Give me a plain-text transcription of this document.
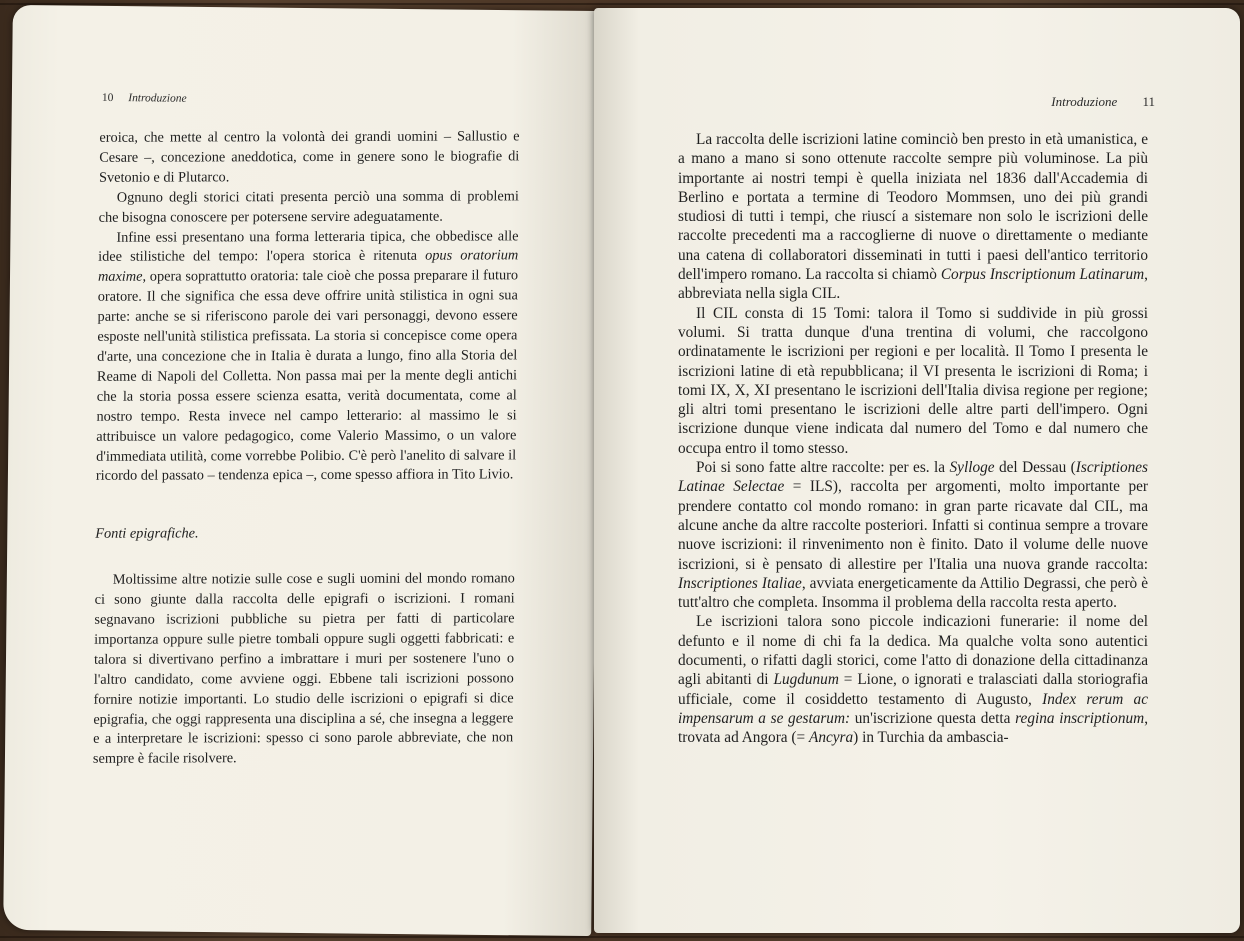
10 Introduzione

eroica, che mette al centro la volontà dei grandi uomini – Sallustio e Cesare –, concezione aneddotica, come in genere sono le biografie di Svetonio e di Plutarco.

Ognuno degli storici citati presenta perciò una somma di problemi che bisogna conoscere per potersene servire adeguatamente.

Infine essi presentano una forma letteraria tipica, che obbedisce alle idee stilistiche del tempo: l'opera storica è ritenuta opus oratorium maxime, opera soprattutto oratoria: tale cioè che possa preparare il futuro oratore. Il che significa che essa deve offrire unità stilistica in ogni sua parte: anche se si riferiscono parole dei vari personaggi, devono essere esposte nell'unità stilistica prefissata. La storia si concepisce come opera d'arte, una concezione che in Italia è durata a lungo, fino alla Storia del Reame di Napoli del Colletta. Non passa mai per la mente degli antichi che la storia possa essere scienza esatta, verità documentata, come al nostro tempo. Resta invece nel campo letterario: al massimo le si attribuisce un valore pedagogico, come Valerio Massimo, o un valore d'immediata utilità, come vorrebbe Polibio. C'è però l'anelito di salvare il ricordo del passato – tendenza epica –, come spesso affiora in Tito Livio.

Fonti epigrafiche.

Moltissime altre notizie sulle cose e sugli uomini del mondo romano ci sono giunte dalla raccolta delle epigrafi o iscrizioni. I romani segnavano iscrizioni pubbliche su pietra per fatti di particolare importanza oppure sulle pietre tombali oppure sugli oggetti fabbricati: e talora si divertivano perfino a imbrattare i muri per sostenere l'uno o l'altro candidato, come avviene oggi. Ebbene tali iscrizioni possono fornire notizie importanti. Lo studio delle iscrizioni o epigrafi si dice epigrafia, che oggi rappresenta una disciplina a sé, che insegna a leggere e a interpretare le iscrizioni: spesso ci sono parole abbreviate, che non sempre è facile risolvere.

Introduzione 11

La raccolta delle iscrizioni latine cominciò ben presto in età umanistica, e a mano a mano si sono ottenute raccolte sempre più voluminose. La più importante ai nostri tempi è quella iniziata nel 1836 dall'Accademia di Berlino e portata a termine di Teodoro Mommsen, uno dei più grandi studiosi di tutti i tempi, che riuscí a sistemare non solo le iscrizioni delle raccolte precedenti ma a raccoglierne di nuove o direttamente o mediante una catena di collaboratori disseminati in tutti i paesi dell'antico territorio dell'impero romano. La raccolta si chiamò Corpus Inscriptionum Latinarum, abbreviata nella sigla CIL.

Il CIL consta di 15 Tomi: talora il Tomo si suddivide in più grossi volumi. Si tratta dunque d'una trentina di volumi, che raccolgono ordinatamente le iscrizioni per regioni e per località. Il Tomo I presenta le iscrizioni latine di età repubblicana; il VI presenta le iscrizioni di Roma; i tomi IX, X, XI presentano le iscrizioni dell'Italia divisa regione per regione; gli altri tomi presentano le iscrizioni delle altre parti dell'impero. Ogni iscrizione dunque viene indicata dal numero del Tomo e dal numero che occupa entro il tomo stesso.

Poi si sono fatte altre raccolte: per es. la Sylloge del Dessau (Iscriptiones Latinae Selectae = ILS), raccolta per argomenti, molto importante per prendere contatto col mondo romano: in gran parte ricavate dal CIL, ma alcune anche da altre raccolte posteriori. Infatti si continua sempre a trovare nuove iscrizioni: il rinvenimento non è finito. Dato il volume delle nuove iscrizioni, si è pensato di allestire per l'Italia una nuova grande raccolta: Inscriptiones Italiae, avviata energeticamente da Attilio Degrassi, che però è tutt'altro che completa. Insomma il problema della raccolta resta aperto.

Le iscrizioni talora sono piccole indicazioni funerarie: il nome del defunto e il nome di chi fa la dedica. Ma qualche volta sono autentici documenti, o rifatti dagli storici, come l'atto di donazione della cittadinanza agli abitanti di Lugdunum = Lione, o ignorati e tralasciati dalla storiografia ufficiale, come il cosiddetto testamento di Augusto, Index rerum ac impensarum a se gestarum: un'iscrizione questa detta regina inscriptionum, trovata ad Angora (= Ancyra) in Turchia da ambascia-
